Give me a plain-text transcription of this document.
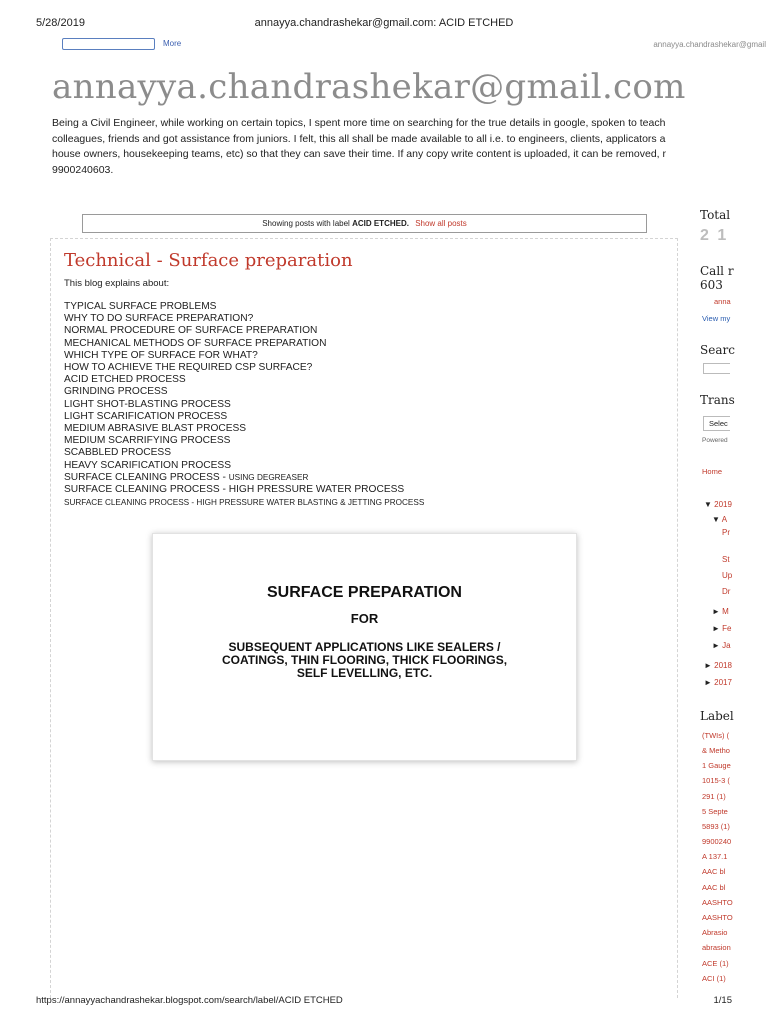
5/28/2019	annayya.chandrashekar@gmail.com: ACID ETCHED
More	annayya.chandrashekar@gmail
annayya.chandrashekar@gmail.com
Being a Civil Engineer, while working on certain topics, I spent more time on searching for the true details in google, spoken to teach
colleagues, friends and got assistance from juniors. I felt, this all shall be made available to all i.e. to engineers, clients, applicators a
house owners, housekeeping teams, etc) so that they can save their time. If any copy write content is uploaded, it can be removed, r
9900240603.
Showing posts with label ACID ETCHED. Show all posts
Technical - Surface preparation
This blog explains about:
TYPICAL SURFACE PROBLEMS
WHY TO DO SURFACE PREPARATION?
NORMAL PROCEDURE OF SURFACE PREPARATION
MECHANICAL METHODS OF SURFACE PREPARATION
WHICH TYPE OF SURFACE FOR WHAT?
HOW TO ACHIEVE THE REQUIRED CSP SURFACE?
ACID ETCHED PROCESS
GRINDING PROCESS
LIGHT SHOT-BLASTING PROCESS
LIGHT SCARIFICATION PROCESS
MEDIUM ABRASIVE BLAST PROCESS
MEDIUM SCARRIFYING PROCESS
SCABBLED PROCESS
HEAVY SCARIFICATION PROCESS
SURFACE CLEANING PROCESS - USING DEGREASER
SURFACE CLEANING PROCESS - HIGH PRESSURE WATER PROCESS
SURFACE CLEANING PROCESS - HIGH PRESSURE WATER BLASTING & JETTING PROCESS
SURFACE PREPARATION
FOR
SUBSEQUENT APPLICATIONS LIKE SEALERS / COATINGS, THIN FLOORING, THICK FLOORINGS, SELF LEVELLING, ETC.
Total
2 1
Call r
603
anna
View my
Searc
Trans
Selec
Powered
Home
▼ 2019
▼ A
Pr
St
Up
Dr
► M
► Fe
► Ja
► 2018
► 2017
Label
(TWIs) (
& Metho
1 Gauge
1015-3 (
291 (1)
5 Septe
5893 (1)
9900240
A 137.1
AAC bl
AAC bl
AASHTO
AASHTO
Abrasio
abrasion
ACE (1)
ACI (1)
https://annayyachandrashekar.blogspot.com/search/label/ACID ETCHED	1/15
